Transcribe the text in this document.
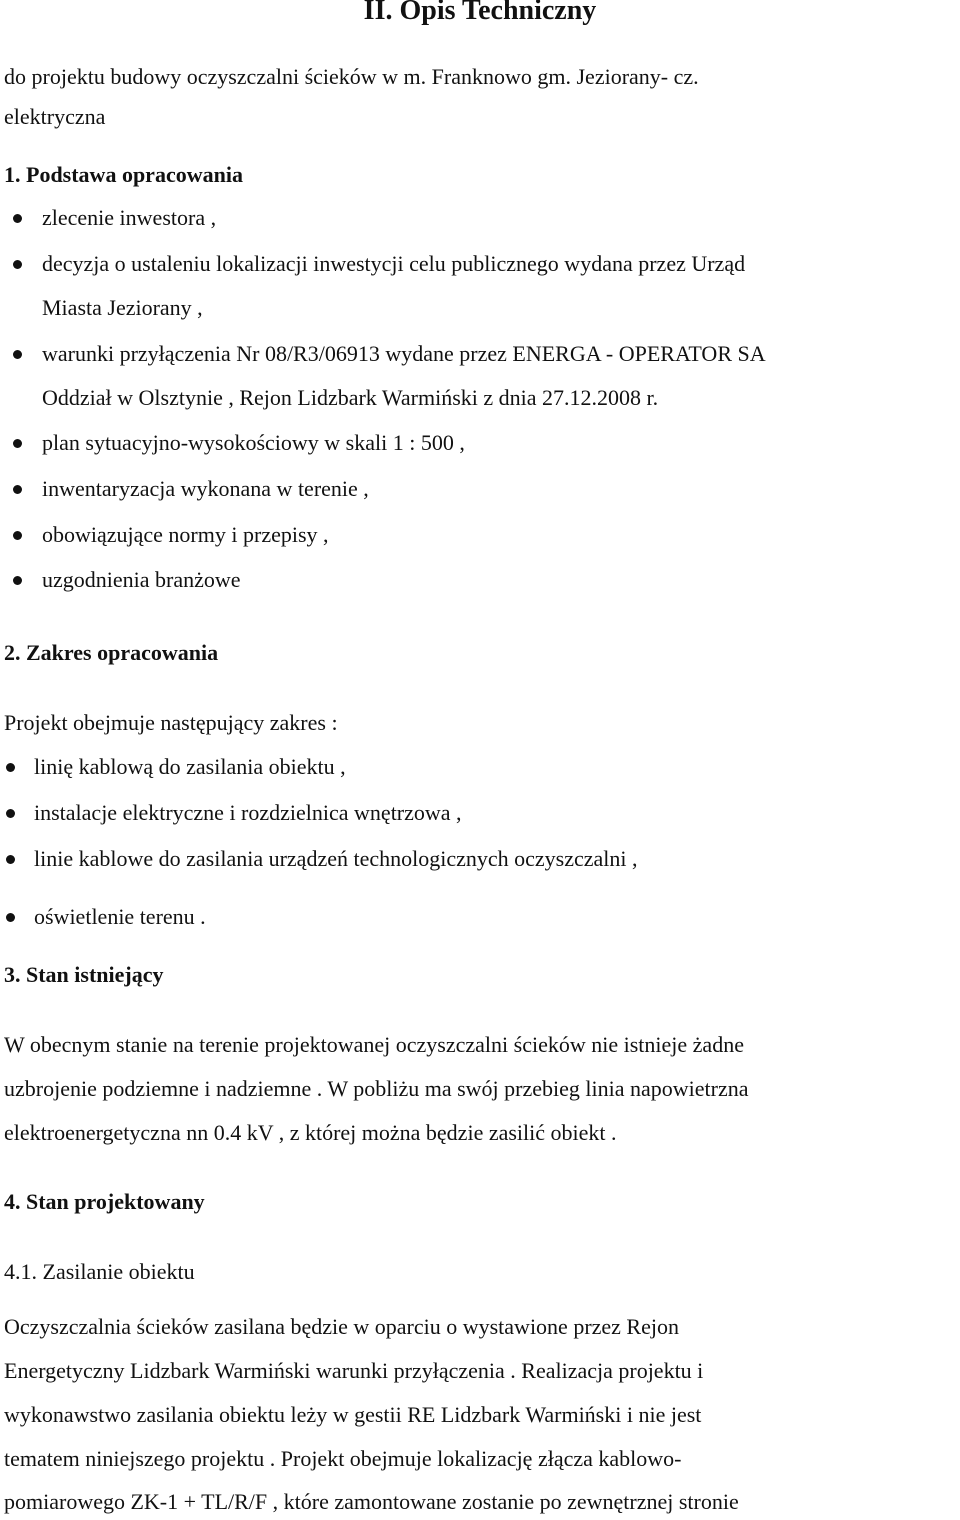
II. Opis Techniczny

do projektu budowy oczyszczalni ścieków w m. Franknowo gm. Jeziorany- cz.

elektryczna

1. Podstawa opracowania

zlecenie inwestora ,

decyzja o ustaleniu lokalizacji inwestycji celu publicznego wydana przez Urząd

Miasta Jeziorany ,

warunki przyłączenia Nr 08/R3/06913 wydane przez ENERGA - OPERATOR SA

Oddział w Olsztynie , Rejon Lidzbark Warmiński z dnia 27.12.2008 r.

plan sytuacyjno-wysokościowy w skali 1 : 500 ,

inwentaryzacja wykonana w terenie ,

obowiązujące normy i przepisy ,

uzgodnienia branżowe

2. Zakres opracowania

Projekt obejmuje następujący zakres :

linię kablową do zasilania obiektu ,

instalacje elektryczne i rozdzielnica wnętrzowa ,

linie kablowe do zasilania urządzeń technologicznych oczyszczalni ,

oświetlenie terenu .

3. Stan istniejący

W obecnym stanie na terenie projektowanej oczyszczalni ścieków nie istnieje żadne

uzbrojenie podziemne i nadziemne . W pobliżu ma swój przebieg linia napowietrzna

elektroenergetyczna nn 0.4 kV , z której można będzie zasilić obiekt .

4. Stan projektowany

4.1. Zasilanie obiektu

Oczyszczalnia ścieków zasilana będzie w oparciu o wystawione przez Rejon

Energetyczny Lidzbark Warmiński warunki przyłączenia . Realizacja projektu i

wykonawstwo zasilania obiektu leży w gestii RE Lidzbark Warmiński i nie jest

tematem niniejszego projektu . Projekt obejmuje lokalizację złącza kablowo-

pomiarowego ZK-1 + TL/R/F , które zamontowane zostanie po zewnętrznej stronie
